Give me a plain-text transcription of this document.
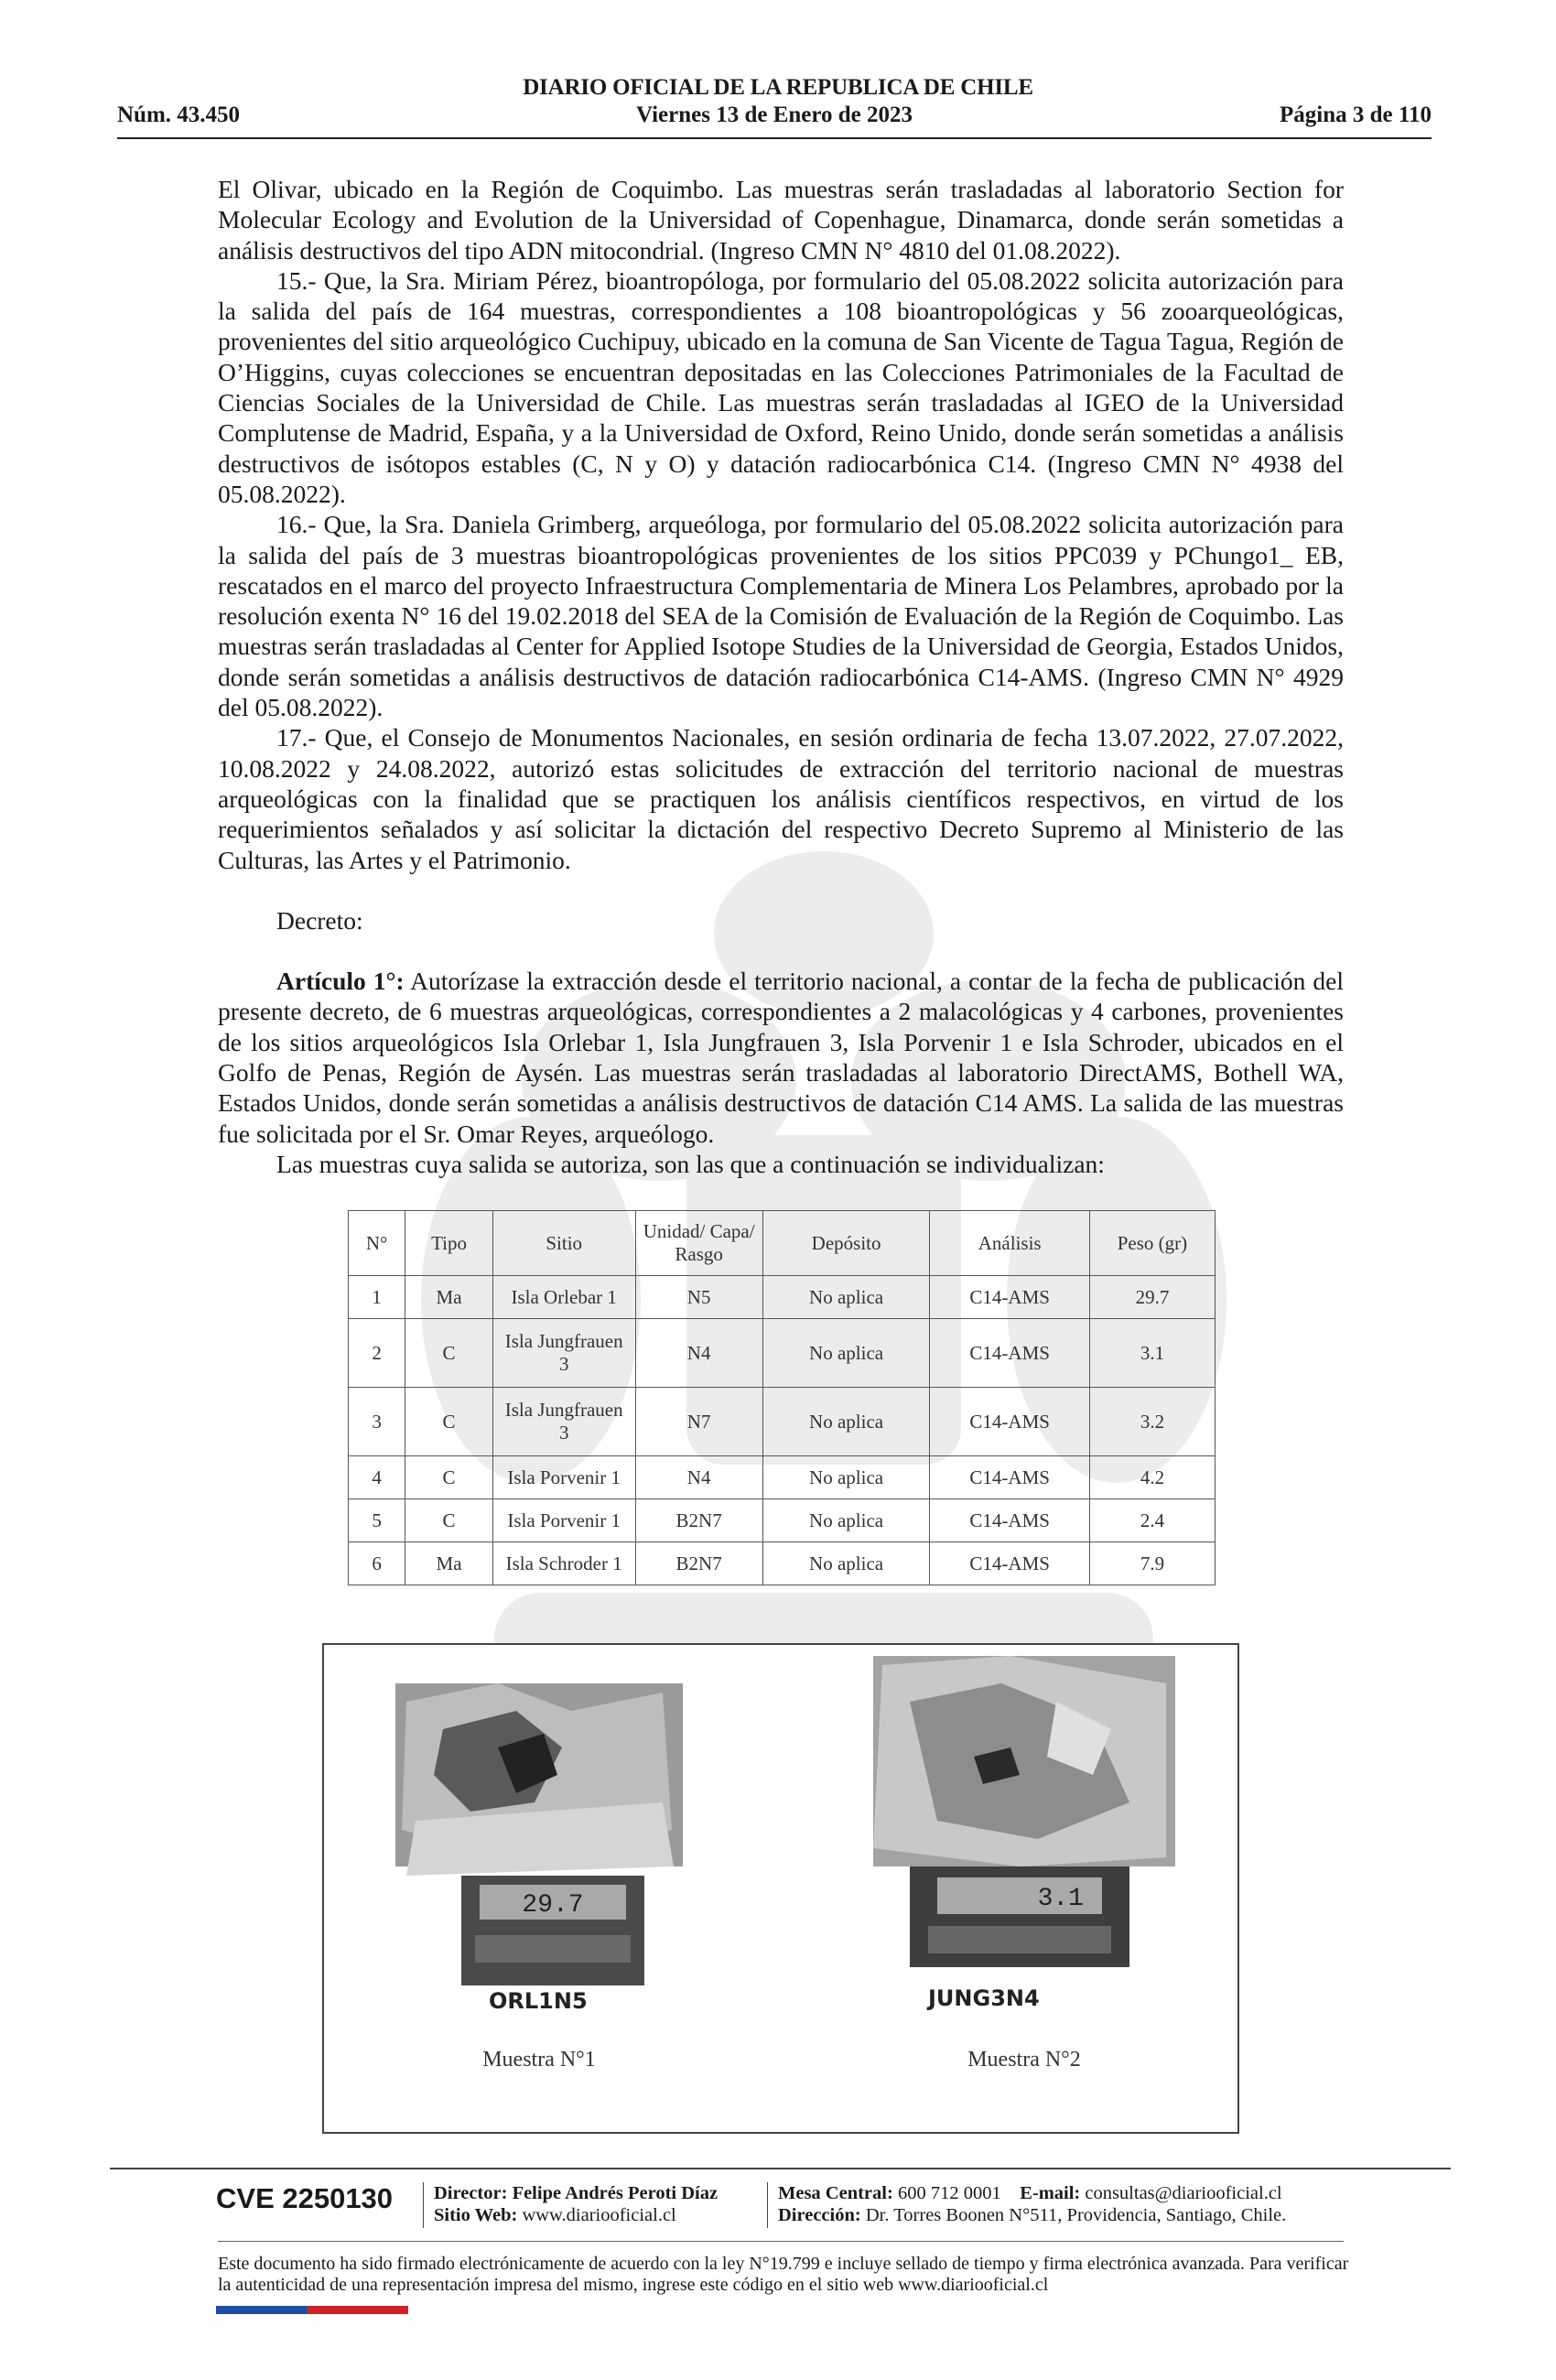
DIARIO OFICIAL DE LA REPUBLICA DE CHILE
Núm. 43.450	Viernes 13 de Enero de 2023	Página 3 de 110

El Olivar, ubicado en la Región de Coquimbo. Las muestras serán trasladadas al laboratorio Section for Molecular Ecology and Evolution de la Universidad of Copenhague, Dinamarca, donde serán sometidas a análisis destructivos del tipo ADN mitocondrial. (Ingreso CMN N° 4810 del 01.08.2022).

15.- Que, la Sra. Miriam Pérez, bioantropóloga, por formulario del 05.08.2022 solicita autorización para la salida del país de 164 muestras, correspondientes a 108 bioantropológicas y 56 zooarqueológicas, provenientes del sitio arqueológico Cuchipuy, ubicado en la comuna de San Vicente de Tagua Tagua, Región de O’Higgins, cuyas colecciones se encuentran depositadas en las Colecciones Patrimoniales de la Facultad de Ciencias Sociales de la Universidad de Chile. Las muestras serán trasladadas al IGEO de la Universidad Complutense de Madrid, España, y a la Universidad de Oxford, Reino Unido, donde serán sometidas a análisis destructivos de isótopos estables (C, N y O) y datación radiocarbónica C14. (Ingreso CMN N° 4938 del 05.08.2022).

16.- Que, la Sra. Daniela Grimberg, arqueóloga, por formulario del 05.08.2022 solicita autorización para la salida del país de 3 muestras bioantropológicas provenientes de los sitios PPC039 y PChungo1_ EB, rescatados en el marco del proyecto Infraestructura Complementaria de Minera Los Pelambres, aprobado por la resolución exenta N° 16 del 19.02.2018 del SEA de la Comisión de Evaluación de la Región de Coquimbo. Las muestras serán trasladadas al Center for Applied Isotope Studies de la Universidad de Georgia, Estados Unidos, donde serán sometidas a análisis destructivos de datación radiocarbónica C14-AMS. (Ingreso CMN N° 4929 del 05.08.2022).

17.- Que, el Consejo de Monumentos Nacionales, en sesión ordinaria de fecha 13.07.2022, 27.07.2022, 10.08.2022 y 24.08.2022, autorizó estas solicitudes de extracción del territorio nacional de muestras arqueológicas con la finalidad que se practiquen los análisis científicos respectivos, en virtud de los requerimientos señalados y así solicitar la dictación del respectivo Decreto Supremo al Ministerio de las Culturas, las Artes y el Patrimonio.

Decreto:

Artículo 1°: Autorízase la extracción desde el territorio nacional, a contar de la fecha de publicación del presente decreto, de 6 muestras arqueológicas, correspondientes a 2 malacológicas y 4 carbones, provenientes de los sitios arqueológicos Isla Orlebar 1, Isla Jungfrauen 3, Isla Porvenir 1 e Isla Schroder, ubicados en el Golfo de Penas, Región de Aysén. Las muestras serán trasladadas al laboratorio DirectAMS, Bothell WA, Estados Unidos, donde serán sometidas a análisis destructivos de datación C14 AMS. La salida de las muestras fue solicitada por el Sr. Omar Reyes, arqueólogo.

Las muestras cuya salida se autoriza, son las que a continuación se individualizan:

N°	Tipo	Sitio	Unidad/ Capa/ Rasgo	Depósito	Análisis	Peso (gr)
1	Ma	Isla Orlebar 1	N5	No aplica	C14-AMS	29.7
2	C	Isla Jungfrauen 3	N4	No aplica	C14-AMS	3.1
3	C	Isla Jungfrauen 3	N7	No aplica	C14-AMS	3.2
4	C	Isla Porvenir 1	N4	No aplica	C14-AMS	4.2
5	C	Isla Porvenir 1	B2N7	No aplica	C14-AMS	2.4
6	Ma	Isla Schroder 1	B2N7	No aplica	C14-AMS	7.9
29.7
ORL1N5
Muestra N°1
3.1
JUNG3N4
Muestra N°2
CVE 2250130 Director: Felipe Andrés Peroti Díaz
Sitio Web: www.diariooficial.cl
Mesa Central: 600 712 0001 E-mail: consultas@diariooficial.cl
Dirección: Dr. Torres Boonen N°511, Providencia, Santiago, Chile.
Este documento ha sido firmado electrónicamente de acuerdo con la ley N°19.799 e incluye sellado de tiempo y firma electrónica avanzada. Para verificar la autenticidad de una representación impresa del mismo, ingrese este código en el sitio web www.diariooficial.cl
